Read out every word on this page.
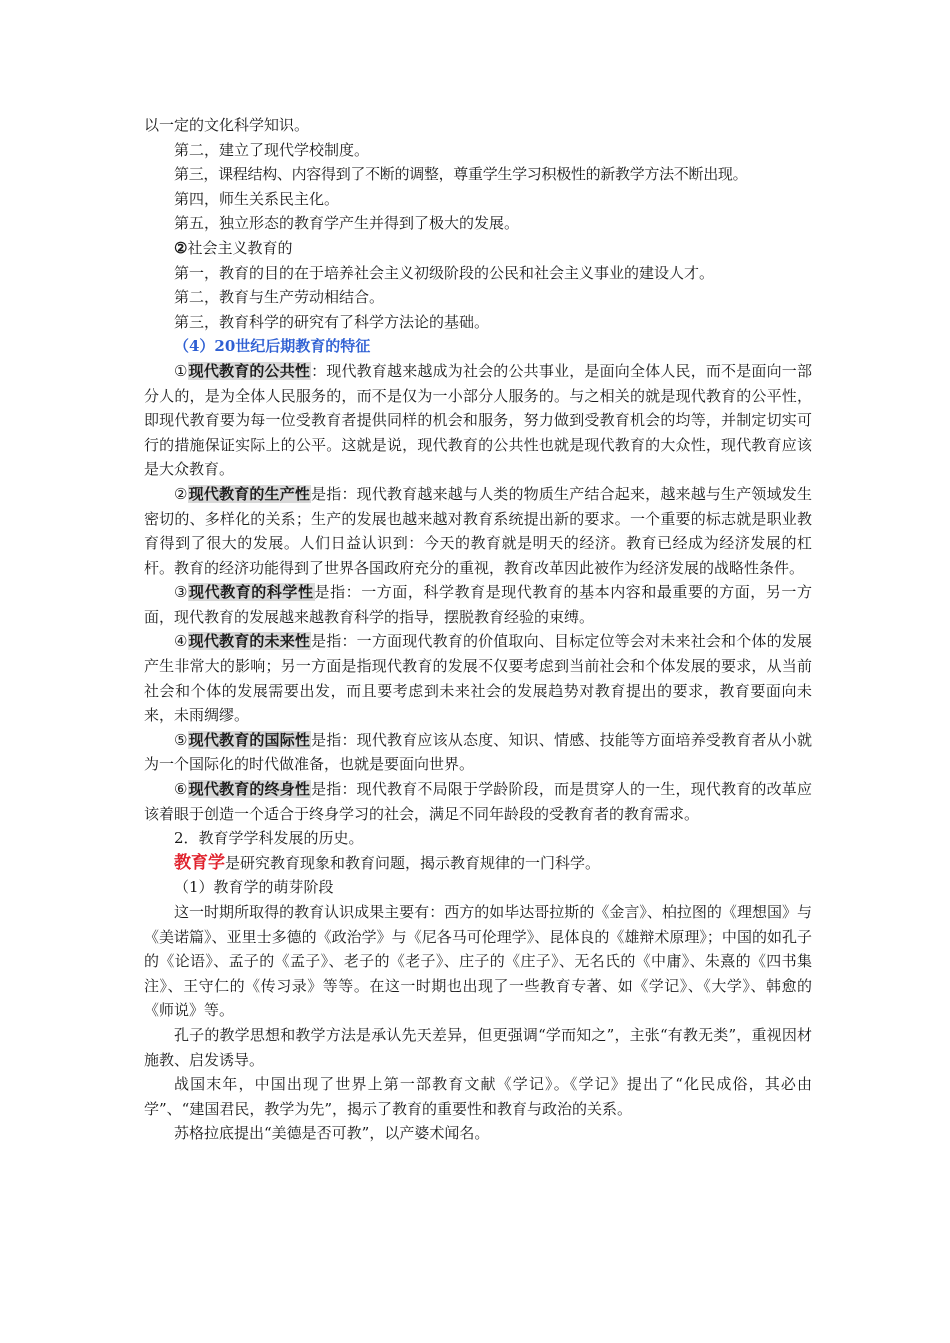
以一定的文化科学知识。

第二，建立了现代学校制度。

第三，课程结构、内容得到了不断的调整，尊重学生学习积极性的新教学方法不断出现。

第四，师生关系民主化。

第五，独立形态的教育学产生并得到了极大的发展。

②社会主义教育的

第一，教育的目的在于培养社会主义初级阶段的公民和社会主义事业的建设人才。

第二，教育与生产劳动相结合。

第三，教育科学的研究有了科学方法论的基础。

（4）20世纪后期教育的特征

①现代教育的公共性：现代教育越来越成为社会的公共事业，是面向全体人民，而不是面向一部分人的，是为全体人民服务的，而不是仅为一小部分人服务的。与之相关的就是现代教育的公平性，即现代教育要为每一位受教育者提供同样的机会和服务，努力做到受教育机会的均等，并制定切实可行的措施保证实际上的公平。这就是说，现代教育的公共性也就是现代教育的大众性，现代教育应该是大众教育。

②现代教育的生产性是指：现代教育越来越与人类的物质生产结合起来，越来越与生产领域发生密切的、多样化的关系；生产的发展也越来越对教育系统提出新的要求。一个重要的标志就是职业教育得到了很大的发展。人们日益认识到：今天的教育就是明天的经济。教育已经成为经济发展的杠杆。教育的经济功能得到了世界各国政府充分的重视，教育改革因此被作为经济发展的战略性条件。

③现代教育的科学性是指：一方面，科学教育是现代教育的基本内容和最重要的方面，另一方面，现代教育的发展越来越教育科学的指导，摆脱教育经验的束缚。

④现代教育的未来性是指：一方面现代教育的价值取向、目标定位等会对未来社会和个体的发展产生非常大的影响；另一方面是指现代教育的发展不仅要考虑到当前社会和个体发展的要求，从当前社会和个体的发展需要出发，而且要考虑到未来社会的发展趋势对教育提出的要求，教育要面向未来，未雨绸缪。

⑤现代教育的国际性是指：现代教育应该从态度、知识、情感、技能等方面培养受教育者从小就为一个国际化的时代做准备，也就是要面向世界。

⑥现代教育的终身性是指：现代教育不局限于学龄阶段，而是贯穿人的一生，现代教育的改革应该着眼于创造一个适合于终身学习的社会，满足不同年龄段的受教育者的教育需求。

2．教育学学科发展的历史。

教育学是研究教育现象和教育问题，揭示教育规律的一门科学。

（1）教育学的萌芽阶段

这一时期所取得的教育认识成果主要有：西方的如毕达哥拉斯的《金言》、柏拉图的《理想国》与《美诺篇》、亚里士多德的《政治学》与《尼各马可伦理学》、昆体良的《雄辩术原理》；中国的如孔子的《论语》、孟子的《孟子》、老子的《老子》、庄子的《庄子》、无名氏的《中庸》、朱熹的《四书集注》、王守仁的《传习录》等等。在这一时期也出现了一些教育专著、如《学记》、《大学》、韩愈的《师说》等。

孔子的教学思想和教学方法是承认先天差异，但更强调“学而知之”，主张“有教无类”，重视因材施教、启发诱导。

战国末年，中国出现了世界上第一部教育文献《学记》。《学记》提出了“化民成俗，其必由学”、“建国君民，教学为先”，揭示了教育的重要性和教育与政治的关系。

苏格拉底提出“美德是否可教”，以产婆术闻名。
